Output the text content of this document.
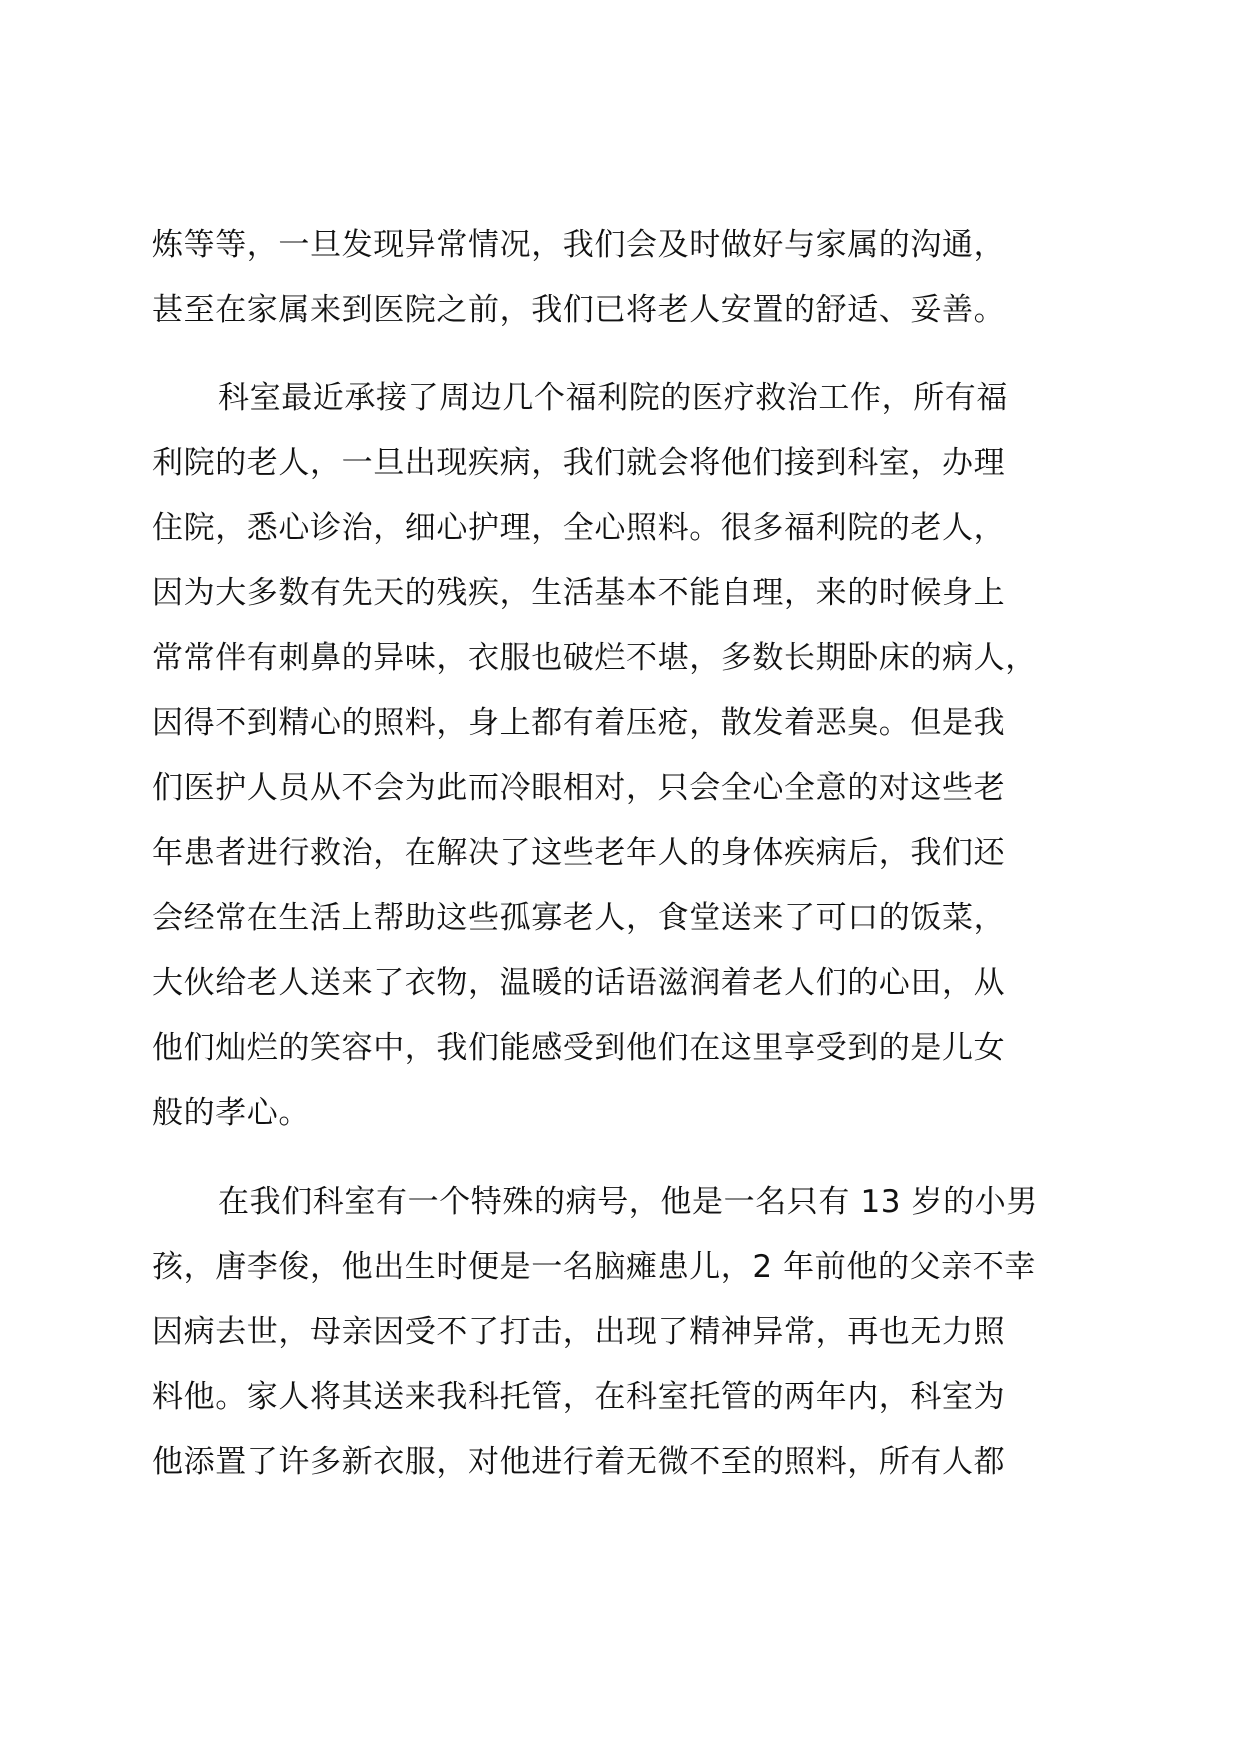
炼等等，一旦发现异常情况，我们会及时做好与家属的沟通，

甚至在家属来到医院之前，我们已将老人安置的舒适、妥善。

科室最近承接了周边几个福利院的医疗救治工作，所有福

利院的老人，一旦出现疾病，我们就会将他们接到科室，办理

住院，悉心诊治，细心护理，全心照料。很多福利院的老人，

因为大多数有先天的残疾，生活基本不能自理，来的时候身上

常常伴有刺鼻的异味，衣服也破烂不堪，多数长期卧床的病人，

因得不到精心的照料，身上都有着压疮，散发着恶臭。但是我

们医护人员从不会为此而冷眼相对，只会全心全意的对这些老

年患者进行救治，在解决了这些老年人的身体疾病后，我们还

会经常在生活上帮助这些孤寡老人，食堂送来了可口的饭菜，

大伙给老人送来了衣物，温暖的话语滋润着老人们的心田，从

他们灿烂的笑容中，我们能感受到他们在这里享受到的是儿女

般的孝心。

在我们科室有一个特殊的病号，他是一名只有 13 岁的小男

孩，唐李俊，他出生时便是一名脑瘫患儿，2 年前他的父亲不幸

因病去世，母亲因受不了打击，出现了精神异常，再也无力照

料他。家人将其送来我科托管，在科室托管的两年内，科室为

他添置了许多新衣服，对他进行着无微不至的照料，所有人都
